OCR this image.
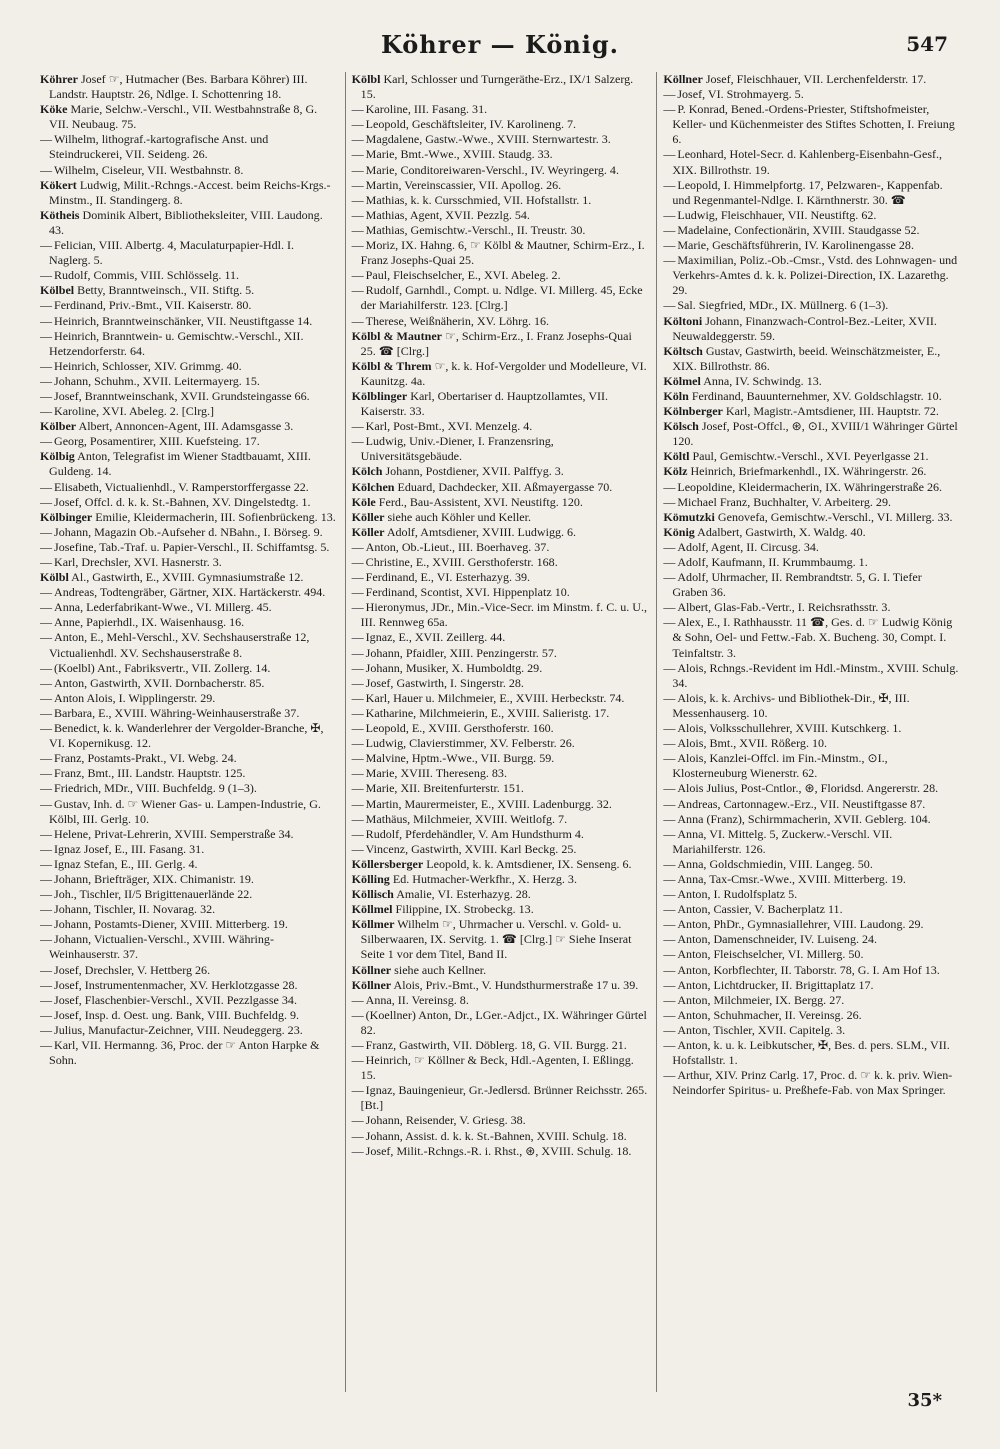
Köhrer — König.	547

Köhrer Josef ☞, Hutmacher (Bes. Barbara Köhrer) III. Landstr. Hauptstr. 26, Ndlge. I. Schottenring 18.

Köke Marie, Selchw.-Verschl., VII. Westbahnstraße 8, G. VII. Neubaug. 75.

— Wilhelm, lithograf.-kartografische Anst. und Steindruckerei, VII. Seideng. 26.

— Wilhelm, Ciseleur, VII. Westbahnstr. 8.

Kökert Ludwig, Milit.-Rchngs.-Accest. beim Reichs-Krgs.-Minstm., II. Standingerg. 8.

Kötheis Dominik Albert, Bibliotheksleiter, VIII. Laudong. 43.

— Felician, VIII. Albertg. 4, Maculaturpapier-Hdl. I. Naglerg. 5.

— Rudolf, Commis, VIII. Schlösselg. 11.

Kölbel Betty, Branntweinsch., VII. Stiftg. 5.

— Ferdinand, Priv.-Bmt., VII. Kaiserstr. 80.

— Heinrich, Branntweinschänker, VII. Neustiftgasse 14.

— Heinrich, Branntwein- u. Gemischtw.-Verschl., XII. Hetzendorferstr. 64.

— Heinrich, Schlosser, XIV. Grimmg. 40.

— Johann, Schuhm., XVII. Leitermayerg. 15.

— Josef, Branntweinschank, XVII. Grundsteingasse 66.

— Karoline, XVI. Abeleg. 2. [Clrg.]

Kölber Albert, Annoncen-Agent, III. Adamsgasse 3.

— Georg, Posamentirer, XIII. Kuefsteing. 17.

Kölbig Anton, Telegrafist im Wiener Stadtbauamt, XIII. Guldeng. 14.

— Elisabeth, Victualienhdl., V. Ramperstorffergasse 22.

— Josef, Offcl. d. k. k. St.-Bahnen, XV. Dingelstedtg. 1.

Kölbinger Emilie, Kleidermacherin, III. Sofienbrückeng. 13.

— Johann, Magazin Ob.-Aufseher d. NBahn., I. Börseg. 9.

— Josefine, Tab.-Traf. u. Papier-Verschl., II. Schiffamtsg. 5.

— Karl, Drechsler, XVI. Hasnerstr. 3.

Kölbl Al., Gastwirth, E., XVIII. Gymnasiumstraße 12.

— Andreas, Todtengräber, Gärtner, XIX. Hartäckerstr. 494.

— Anna, Lederfabrikant-Wwe., VI. Millerg. 45.

— Anne, Papierhdl., IX. Waisenhausg. 16.

— Anton, E., Mehl-Verschl., XV. Sechshauserstraße 12, Victualienhdl. XV. Sechshauserstraße 8.

— (Koelbl) Ant., Fabriksvertr., VII. Zollerg. 14.

— Anton, Gastwirth, XVII. Dornbacherstr. 85.

— Anton Alois, I. Wipplingerstr. 29.

— Barbara, E., XVIII. Währing-Weinhauserstraße 37.

— Benedict, k. k. Wanderlehrer der Vergolder-Branche, ✠, VI. Kopernikusg. 12.

— Franz, Postamts-Prakt., VI. Webg. 24.

— Franz, Bmt., III. Landstr. Hauptstr. 125.

— Friedrich, MDr., VIII. Buchfeldg. 9 (1–3).

— Gustav, Inh. d. ☞ Wiener Gas- u. Lampen-Industrie, G. Kölbl, III. Gerlg. 10.

— Helene, Privat-Lehrerin, XVIII. Semperstraße 34.

— Ignaz Josef, E., III. Fasang. 31.

— Ignaz Stefan, E., III. Gerlg. 4.

— Johann, Briefträger, XIX. Chimanistr. 19.

— Joh., Tischler, II/5 Brigittenauerlände 22.

— Johann, Tischler, II. Novarag. 32.

— Johann, Postamts-Diener, XVIII. Mitterberg. 19.

— Johann, Victualien-Verschl., XVIII. Währing-Weinhauserstr. 37.

— Josef, Drechsler, V. Hettberg 26.

— Josef, Instrumentenmacher, XV. Herklotzgasse 28.

— Josef, Flaschenbier-Verschl., XVII. Pezzlgasse 34.

— Josef, Insp. d. Oest. ung. Bank, VIII. Buchfeldg. 9.

— Julius, Manufactur-Zeichner, VIII. Neudeggerg. 23.

— Karl, VII. Hermanng. 36, Proc. der ☞ Anton Harpke & Sohn.

Kölbl Karl, Schlosser und Turngeräthe-Erz., IX/1 Salzerg. 15.

— Karoline, III. Fasang. 31.

— Leopold, Geschäftsleiter, IV. Karolineng. 7.

— Magdalene, Gastw.-Wwe., XVIII. Sternwartestr. 3.

— Marie, Bmt.-Wwe., XVIII. Staudg. 33.

— Marie, Conditoreiwaren-Verschl., IV. Weyringerg. 4.

— Martin, Vereinscassier, VII. Apollog. 26.

— Mathias, k. k. Cursschmied, VII. Hofstallstr. 1.

— Mathias, Agent, XVII. Pezzlg. 54.

— Mathias, Gemischtw.-Verschl., II. Treustr. 30.

— Moriz, IX. Hahng. 6, ☞ Kölbl & Mautner, Schirm-Erz., I. Franz Josephs-Quai 25.

— Paul, Fleischselcher, E., XVI. Abeleg. 2.

— Rudolf, Garnhdl., Compt. u. Ndlge. VI. Millerg. 45, Ecke der Mariahilferstr. 123. [Clrg.]

— Therese, Weißnäherin, XV. Löhrg. 16.

Kölbl & Mautner ☞, Schirm-Erz., I. Franz Josephs-Quai 25. ☎ [Clrg.]

Kölbl & Threm ☞, k. k. Hof-Vergolder und Modelleure, VI. Kaunitzg. 4a.

Kölblinger Karl, Obertariser d. Hauptzollamtes, VII. Kaiserstr. 33.

— Karl, Post-Bmt., XVI. Menzelg. 4.

— Ludwig, Univ.-Diener, I. Franzensring, Universitätsgebäude.

Kölch Johann, Postdiener, XVII. Palffyg. 3.

Kölchen Eduard, Dachdecker, XII. Aßmayergasse 70.

Köle Ferd., Bau-Assistent, XVI. Neustiftg. 120.

Köller siehe auch Köhler und Keller.

Köller Adolf, Amtsdiener, XVIII. Ludwigg. 6.

— Anton, Ob.-Lieut., III. Boerhaveg. 37.

— Christine, E., XVIII. Gersthoferstr. 168.

— Ferdinand, E., VI. Esterhazyg. 39.

— Ferdinand, Scontist, XVI. Hippenplatz 10.

— Hieronymus, JDr., Min.-Vice-Secr. im Minstm. f. C. u. U., III. Rennweg 65a.

— Ignaz, E., XVII. Zeillerg. 44.

— Johann, Pfaidler, XIII. Penzingerstr. 57.

— Johann, Musiker, X. Humboldtg. 29.

— Josef, Gastwirth, I. Singerstr. 28.

— Karl, Hauer u. Milchmeier, E., XVIII. Herbeckstr. 74.

— Katharine, Milchmeierin, E., XVIII. Salieristg. 17.

— Leopold, E., XVIII. Gersthoferstr. 160.

— Ludwig, Clavierstimmer, XV. Felberstr. 26.

— Malvine, Hptm.-Wwe., VII. Burgg. 59.

— Marie, XVIII. Thereseng. 83.

— Marie, XII. Breitenfurterstr. 151.

— Martin, Maurermeister, E., XVIII. Ladenburgg. 32.

— Mathäus, Milchmeier, XVIII. Weitlofg. 7.

— Rudolf, Pferdehändler, V. Am Hundsthurm 4.

— Vincenz, Gastwirth, XVIII. Karl Beckg. 25.

Köllersberger Leopold, k. k. Amtsdiener, IX. Senseng. 6.

Kölling Ed. Hutmacher-Werkfhr., X. Herzg. 3.

Köllisch Amalie, VI. Esterhazyg. 28.

Köllmel Filippine, IX. Strobeckg. 13.

Köllmer Wilhelm ☞, Uhrmacher u. Verschl. v. Gold- u. Silberwaaren, IX. Servitg. 1. ☎ [Clrg.] ☞ Siehe Inserat Seite 1 vor dem Titel, Band II.

Köllner siehe auch Kellner.

Köllner Alois, Priv.-Bmt., V. Hundsthurmerstraße 17 u. 39.

— Anna, II. Vereinsg. 8.

— (Koellner) Anton, Dr., LGer.-Adjct., IX. Währinger Gürtel 82.

— Franz, Gastwirth, VII. Döblerg. 18, G. VII. Burgg. 21.

— Heinrich, ☞ Köllner & Beck, Hdl.-Agenten, I. Eßlingg. 15.

— Ignaz, Bauingenieur, Gr.-Jedlersd. Brünner Reichsstr. 265. [Bt.]

— Johann, Reisender, V. Griesg. 38.

— Johann, Assist. d. k. k. St.-Bahnen, XVIII. Schulg. 18.

— Josef, Milit.-Rchngs.-R. i. Rhst., ⊛, XVIII. Schulg. 18.

Köllner Josef, Fleischhauer, VII. Lerchenfelderstr. 17.

— Josef, VI. Strohmayerg. 5.

— P. Konrad, Bened.-Ordens-Priester, Stiftshofmeister, Keller- und Küchenmeister des Stiftes Schotten, I. Freiung 6.

— Leonhard, Hotel-Secr. d. Kahlenberg-Eisenbahn-Gesf., XIX. Billrothstr. 19.

— Leopold, I. Himmelpfortg. 17, Pelzwaren-, Kappenfab. und Regenmantel-Ndlge. I. Kärnthnerstr. 30. ☎

— Ludwig, Fleischhauer, VII. Neustiftg. 62.

— Madelaine, Confectionärin, XVIII. Staudgasse 52.

— Marie, Geschäftsführerin, IV. Karolinengasse 28.

— Maximilian, Poliz.-Ob.-Cmsr., Vstd. des Lohnwagen- und Verkehrs-Amtes d. k. k. Polizei-Direction, IX. Lazarethg. 29.

— Sal. Siegfried, MDr., IX. Müllnerg. 6 (1–3).

Költoni Johann, Finanzwach-Control-Bez.-Leiter, XVII. Neuwaldeggerstr. 59.

Költsch Gustav, Gastwirth, beeid. Weinschätzmeister, E., XIX. Billrothstr. 86.

Kölmel Anna, IV. Schwindg. 13.

Köln Ferdinand, Bauunternehmer, XV. Goldschlagstr. 10.

Kölnberger Karl, Magistr.-Amtsdiener, III. Hauptstr. 72.

Kölsch Josef, Post-Offcl., ⊛, ⊙I., XVIII/1 Währinger Gürtel 120.

Költl Paul, Gemischtw.-Verschl., XVI. Peyerlgasse 21.

Kölz Heinrich, Briefmarkenhdl., IX. Währingerstr. 26.

— Leopoldine, Kleidermacherin, IX. Währingerstraße 26.

— Michael Franz, Buchhalter, V. Arbeiterg. 29.

Kömutzki Genovefa, Gemischtw.-Verschl., VI. Millerg. 33.

König Adalbert, Gastwirth, X. Waldg. 40.

— Adolf, Agent, II. Circusg. 34.

— Adolf, Kaufmann, II. Krummbaumg. 1.

— Adolf, Uhrmacher, II. Rembrandtstr. 5, G. I. Tiefer Graben 36.

— Albert, Glas-Fab.-Vertr., I. Reichsrathsstr. 3.

— Alex, E., I. Rathhausstr. 11 ☎, Ges. d. ☞ Ludwig König & Sohn, Oel- und Fettw.-Fab. X. Bucheng. 30, Compt. I. Teinfaltstr. 3.

— Alois, Rchngs.-Revident im Hdl.-Minstm., XVIII. Schulg. 34.

— Alois, k. k. Archivs- und Bibliothek-Dir., ✠, III. Messenhauserg. 10.

— Alois, Volksschullehrer, XVIII. Kutschkerg. 1.

— Alois, Bmt., XVII. Rößerg. 10.

— Alois, Kanzlei-Offcl. im Fin.-Minstm., ⊙I., Klosterneuburg Wienerstr. 62.

— Alois Julius, Post-Cntlor., ⊛, Floridsd. Angererstr. 28.

— Andreas, Cartonnagew.-Erz., VII. Neustiftgasse 87.

— Anna (Franz), Schirmmacherin, XVII. Geblerg. 104.

— Anna, VI. Mittelg. 5, Zuckerw.-Verschl. VII. Mariahilferstr. 126.

— Anna, Goldschmiedin, VIII. Langeg. 50.

— Anna, Tax-Cmsr.-Wwe., XVIII. Mitterberg. 19.

— Anton, I. Rudolfsplatz 5.

— Anton, Cassier, V. Bacherplatz 11.

— Anton, PhDr., Gymnasiallehrer, VIII. Laudong. 29.

— Anton, Damenschneider, IV. Luiseng. 24.

— Anton, Fleischselcher, VI. Millerg. 50.

— Anton, Korbflechter, II. Taborstr. 78, G. I. Am Hof 13.

— Anton, Lichtdrucker, II. Brigittaplatz 17.

— Anton, Milchmeier, IX. Bergg. 27.

— Anton, Schuhmacher, II. Vereinsg. 26.

— Anton, Tischler, XVII. Capitelg. 3.

— Anton, k. u. k. Leibkutscher, ✠, Bes. d. pers. SLM., VII. Hofstallstr. 1.

— Arthur, XIV. Prinz Carlg. 17, Proc. d. ☞ k. k. priv. Wien-Neindorfer Spiritus- u. Preßhefe-Fab. von Max Springer.

35*
